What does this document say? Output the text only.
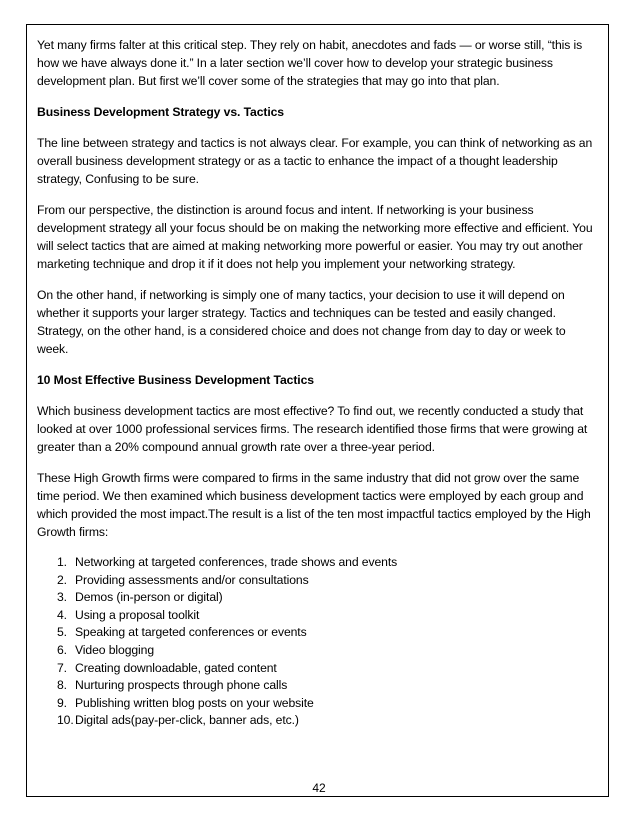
Yet many firms falter at this critical step. They rely on habit, anecdotes and fads — or worse still, “this is how we have always done it.” In a later section we’ll cover how to develop your strategic business development plan. But first we’ll cover some of the strategies that may go into that plan.

Business Development Strategy vs. Tactics

The line between strategy and tactics is not always clear. For example, you can think of networking as an overall business development strategy or as a tactic to enhance the impact of a thought leadership strategy, Confusing to be sure.

From our perspective, the distinction is around focus and intent. If networking is your business development strategy all your focus should be on making the networking more effective and efficient. You will select tactics that are aimed at making networking more powerful or easier. You may try out another marketing technique and drop it if it does not help you implement your networking strategy.

On the other hand, if networking is simply one of many tactics, your decision to use it will depend on whether it supports your larger strategy. Tactics and techniques can be tested and easily changed. Strategy, on the other hand, is a considered choice and does not change from day to day or week to week.

10 Most Effective Business Development Tactics

Which business development tactics are most effective? To find out, we recently conducted a study that looked at over 1000 professional services firms. The research identified those firms that were growing at greater than a 20% compound annual growth rate over a three-year period.

These High Growth firms were compared to firms in the same industry that did not grow over the same time period. We then examined which business development tactics were employed by each group and which provided the most impact.The result is a list of the ten most impactful tactics employed by the High Growth firms:

1. Networking at targeted conferences, trade shows and events
2. Providing assessments and/or consultations
3. Demos (in-person or digital)
4. Using a proposal toolkit
5. Speaking at targeted conferences or events
6. Video blogging
7. Creating downloadable, gated content
8. Nurturing prospects through phone calls
9. Publishing written blog posts on your website
10. Digital ads(pay-per-click, banner ads, etc.)
42
